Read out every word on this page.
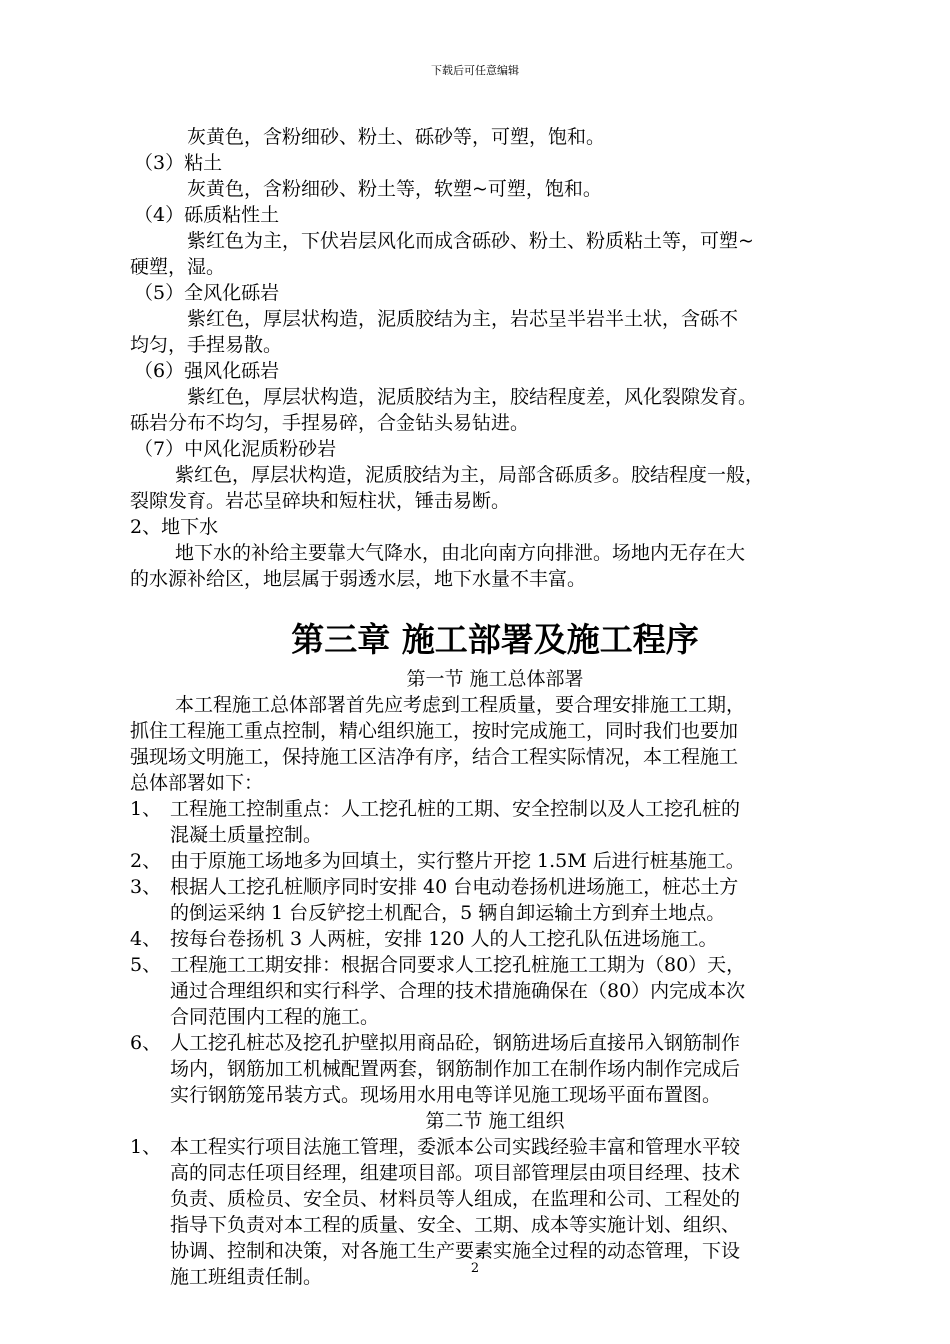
下载后可任意编辑
灰黄色，含粉细砂、粉土、砾砂等，可塑，饱和。
（3）粘土
灰黄色，含粉细砂、粉土等，软塑~可塑，饱和。
（4）砾质粘性土
紫红色为主，下伏岩层风化而成含砾砂、粉土、粉质粘土等，可塑~
硬塑，湿。
（5）全风化砾岩
紫红色，厚层状构造，泥质胶结为主，岩芯呈半岩半土状，含砾不
均匀，手捏易散。
（6）强风化砾岩
紫红色，厚层状构造，泥质胶结为主，胶结程度差，风化裂隙发育。
砾岩分布不均匀，手捏易碎，合金钻头易钻进。
（7）中风化泥质粉砂岩
紫红色，厚层状构造，泥质胶结为主，局部含砾质多。胶结程度一般，
裂隙发育。岩芯呈碎块和短柱状，锤击易断。
2、地下水
地下水的补给主要靠大气降水，由北向南方向排泄。场地内无存在大
的水源补给区，地层属于弱透水层，地下水量不丰富。
第三章 施工部署及施工程序
第一节 施工总体部署
本工程施工总体部署首先应考虑到工程质量，要合理安排施工工期，
抓住工程施工重点控制，精心组织施工，按时完成施工，同时我们也要加
强现场文明施工，保持施工区洁净有序，结合工程实际情况，本工程施工
总体部署如下：
1、 工程施工控制重点：人工挖孔桩的工期、安全控制以及人工挖孔桩的
混凝土质量控制。
2、 由于原施工场地多为回填土，实行整片开挖 1.5M 后进行桩基施工。
3、 根据人工挖孔桩顺序同时安排 40 台电动卷扬机进场施工，桩芯土方
的倒运采纳 1 台反铲挖土机配合，5 辆自卸运输土方到弃土地点。
4、 按每台卷扬机 3 人两桩，安排 120 人的人工挖孔队伍进场施工。
5、 工程施工工期安排：根据合同要求人工挖孔桩施工工期为（80）天，
通过合理组织和实行科学、合理的技术措施确保在（80）内完成本次
合同范围内工程的施工。
6、 人工挖孔桩芯及挖孔护壁拟用商品砼，钢筋进场后直接吊入钢筋制作
场内，钢筋加工机械配置两套，钢筋制作加工在制作场内制作完成后
实行钢筋笼吊装方式。现场用水用电等详见施工现场平面布置图。
第二节 施工组织
1、 本工程实行项目法施工管理，委派本公司实践经验丰富和管理水平较
高的同志任项目经理，组建项目部。项目部管理层由项目经理、技术
负责、质检员、安全员、材料员等人组成，在监理和公司、工程处的
指导下负责对本工程的质量、安全、工期、成本等实施计划、组织、
协调、控制和决策，对各施工生产要素实施全过程的动态管理，下设
施工班组责任制。	2
